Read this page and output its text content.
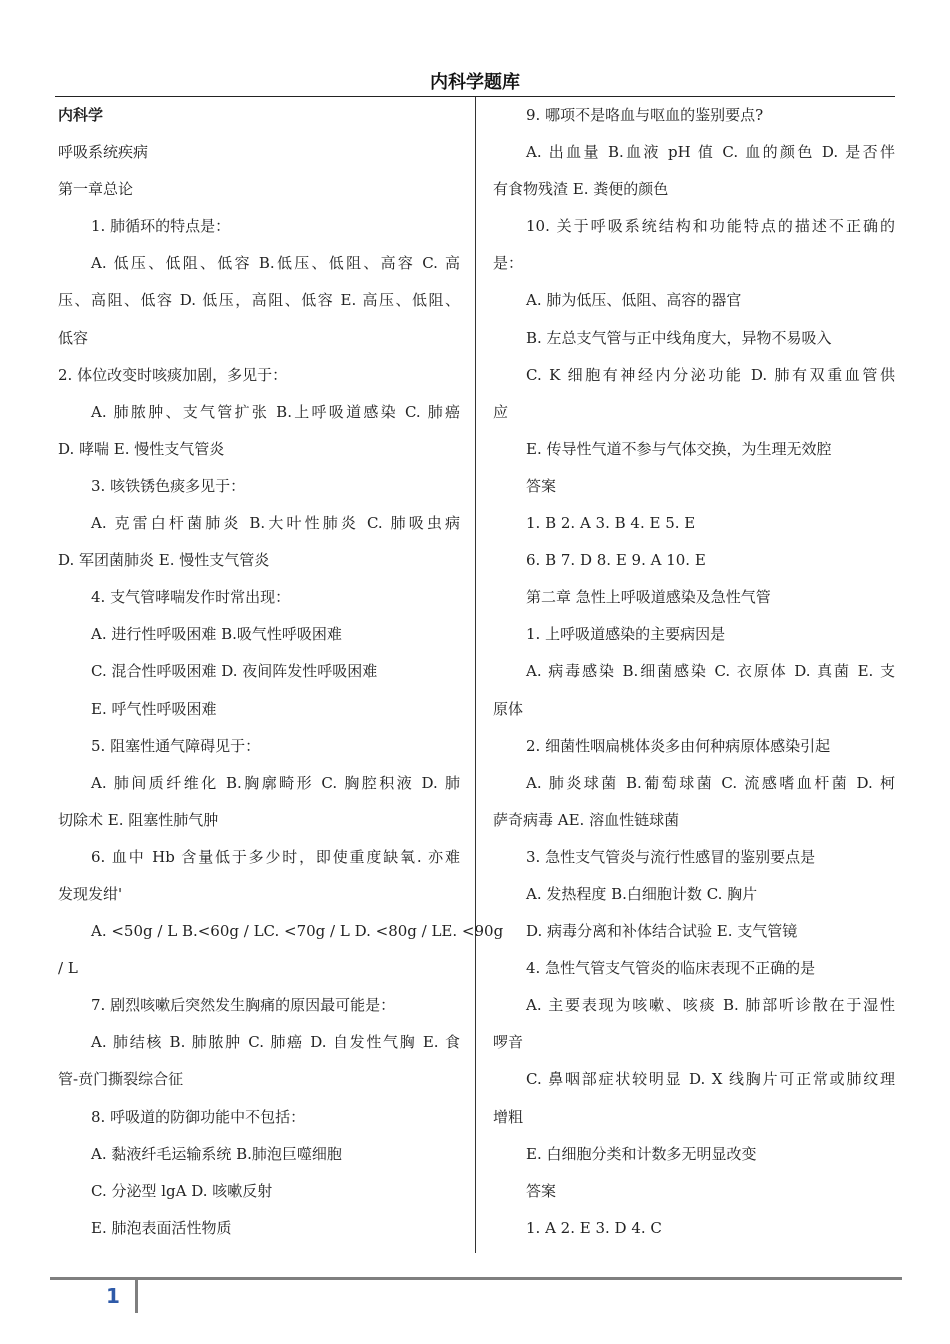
内科学题库
内科学
呼吸系统疾病
第一章总论
1. 肺循环的特点是：
A. 低压、低阻、低容 B.低压、低阻、高容 C. 高
压、高阻、低容 D. 低压，高阻、低容 E. 高压、低阻、
低容
2. 体位改变时咳痰加剧，多见于：
A. 肺脓肿、支气管扩张 B.上呼吸道感染 C. 肺癌
D. 哮喘 E. 慢性支气管炎
3. 咳铁锈色痰多见于：
A. 克雷白杆菌肺炎 B.大叶性肺炎 C. 肺吸虫病
D. 军团菌肺炎 E. 慢性支气管炎
4. 支气管哮喘发作时常出现：
A. 进行性呼吸困难 B.吸气性呼吸困难
C. 混合性呼吸困难 D. 夜间阵发性呼吸困难
E. 呼气性呼吸困难
5. 阻塞性通气障碍见于：
A. 肺间质纤维化 B.胸廓畸形 C. 胸腔积液 D. 肺
切除术 E. 阻塞性肺气肿
6. 血中 Hb 含量低于多少时，即使重度缺氧. 亦难
发现发绀'
A. <50g / L B.<60g / LC. <70g / L D. <80g / LE. <90g
/ L
7. 剧烈咳嗽后突然发生胸痛的原因最可能是：
A. 肺结核 B. 肺脓肿 C. 肺癌 D. 自发性气胸 E. 食
管-贲门撕裂综合征
8. 呼吸道的防御功能中不包括：
A. 黏液纤毛运输系统 B.肺泡巨噬细胞
C. 分泌型 lgA D. 咳嗽反射
E. 肺泡表面活性物质
9. 哪项不是咯血与呕血的鉴别要点?
A. 出血量 B.血液 pH 值 C. 血的颜色 D. 是否伴
有食物残渣 E. 粪便的颜色
10. 关于呼吸系统结构和功能特点的描述不正确的
是：
A. 肺为低压、低阻、高容的器官
B. 左总支气管与正中线角度大，异物不易吸入
C. K 细胞有神经内分泌功能 D. 肺有双重血管供
应
E. 传导性气道不参与气体交换，为生理无效腔
答案
1. B 2. A 3. B 4. E 5. E
6. B 7. D 8. E 9. A 10. E
第二章 急性上呼吸道感染及急性气管
1. 上呼吸道感染的主要病因是
A. 病毒感染 B.细菌感染 C. 衣原体 D. 真菌 E. 支
原体
2. 细菌性咽扁桃体炎多由何种病原体感染引起
A. 肺炎球菌 B.葡萄球菌 C. 流感嗜血杆菌 D. 柯
萨奇病毒 AE. 溶血性链球菌
3. 急性支气管炎与流行性感冒的鉴别要点是
A. 发热程度 B.白细胞计数 C. 胸片
D. 病毒分离和补体结合试验 E. 支气管镜
4. 急性气管支气管炎的临床表现不正确的是
A. 主要表现为咳嗽、咳痰 B. 肺部听诊散在于湿性
啰音
C. 鼻咽部症状较明显 D. X 线胸片可正常或肺纹理
增粗
E. 白细胞分类和计数多无明显改变
答案
1. A 2. E 3. D 4. C
1
